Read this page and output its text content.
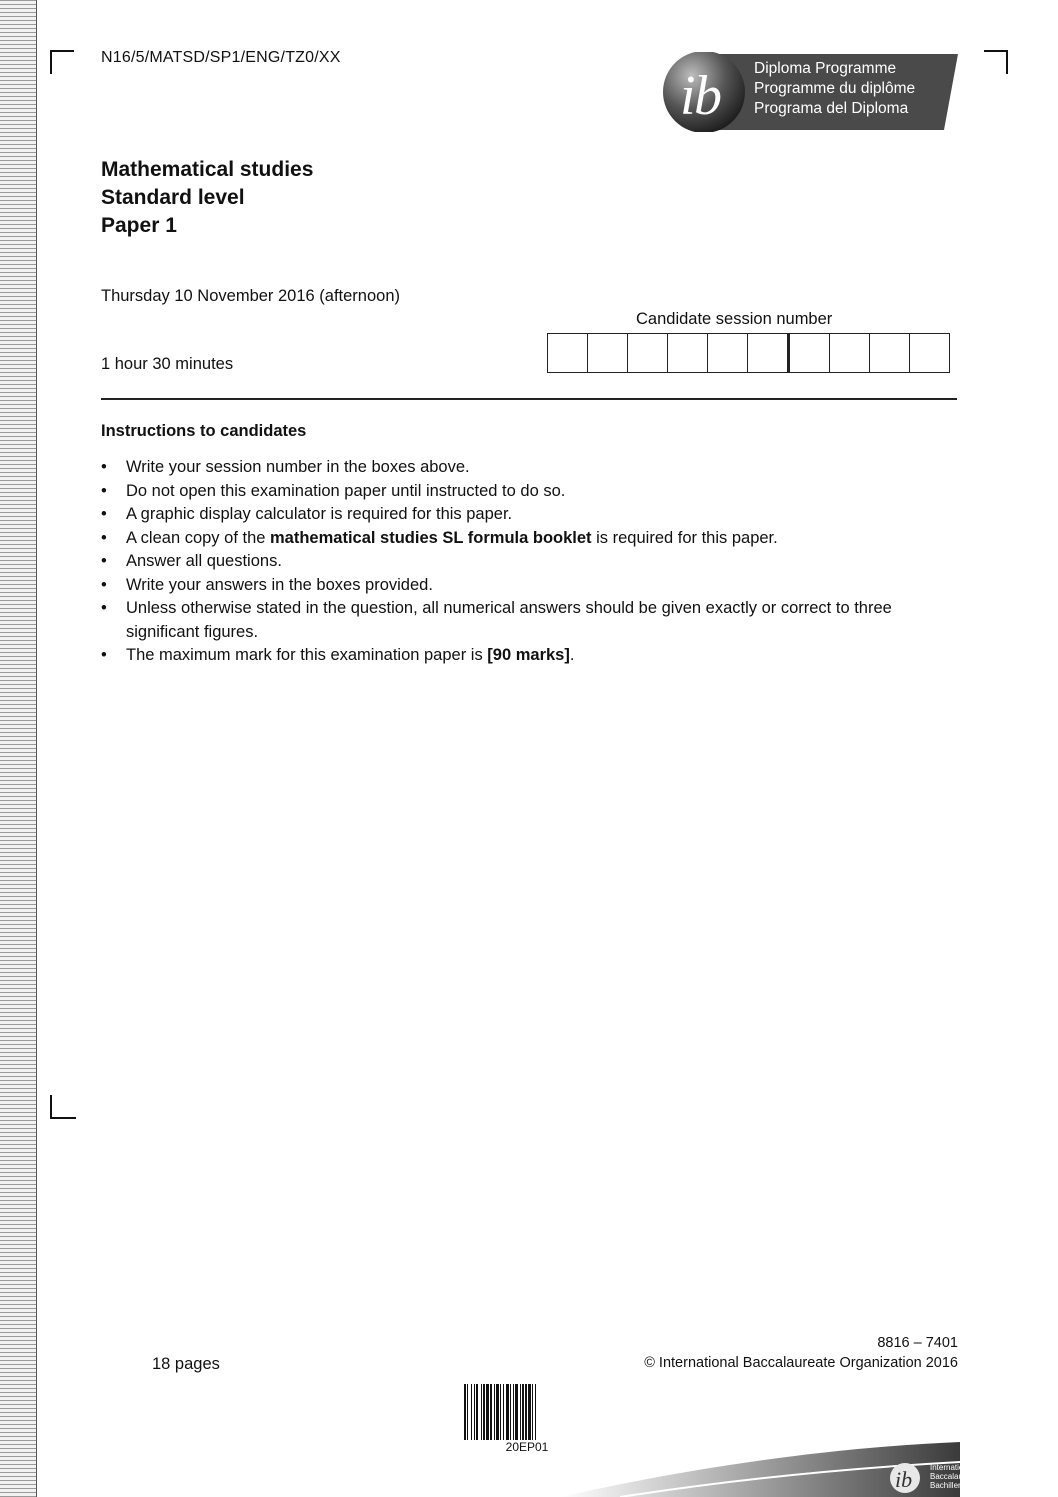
N16/5/MATSD/SP1/ENG/TZ0/XX
i
b Diploma Programme
Programme du diplôme
Programa del Diploma
Mathematical studies
Standard level
Paper 1
Thursday 10 November 2016 (afternoon)
1 hour 30 minutes
Candidate session number
Instructions to candidates
• Write your session number in the boxes above.
• Do not open this examination paper until instructed to do so.
• A graphic display calculator is required for this paper.
• A clean copy of the mathematical studies SL formula booklet is required for this paper.
• Answer all questions.
• Write your answers in the boxes provided.
• Unless otherwise stated in the question, all numerical answers should be given exactly or correct to three significant figures.
• The maximum mark for this examination paper is [90 marks].
8816 – 7401
18 pages	© International Baccalaureate Organization 2016
20EP01
ib International Baccalaureate
Baccalauréat International
Bachillerato Internacional
